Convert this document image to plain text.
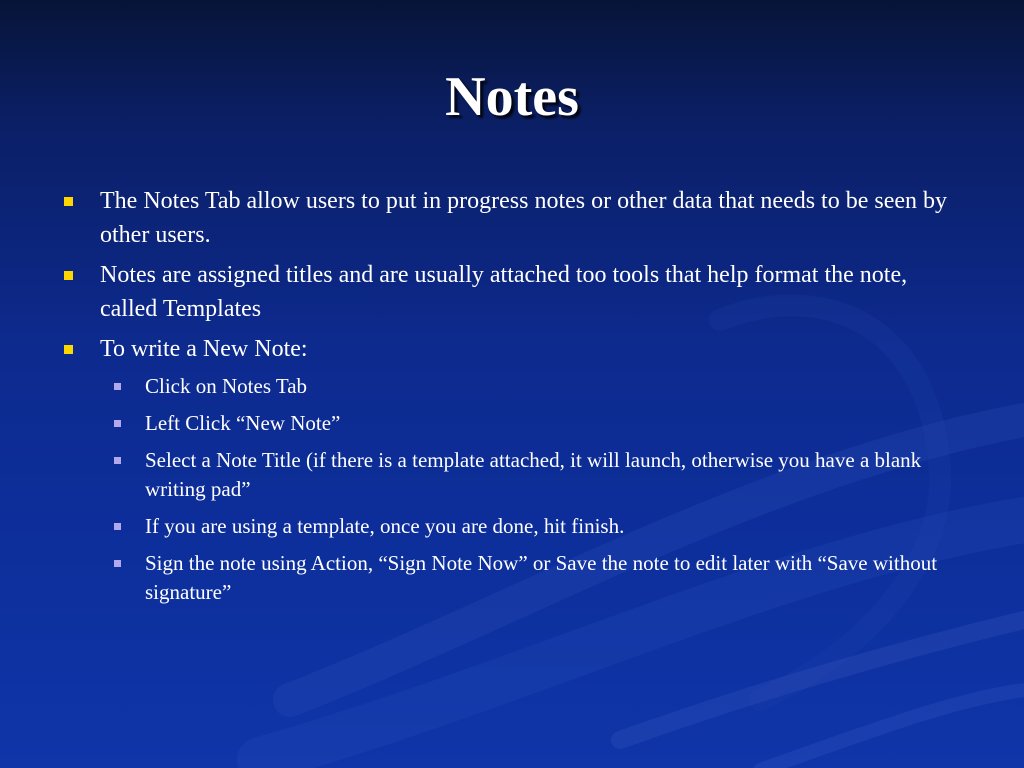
Notes
The Notes Tab allow users to put in progress notes or other data that needs to be seen by other users.
Notes are assigned titles and are usually attached too tools that help format the note, called Templates
To write a New Note:
Click on Notes Tab
Left Click “New Note”
Select a Note Title (if there is a template attached, it will launch, otherwise you have a blank writing pad”
If you are using a template, once you are done, hit finish.
Sign the note using Action, “Sign Note Now” or Save the note to edit later with “Save without signature”
